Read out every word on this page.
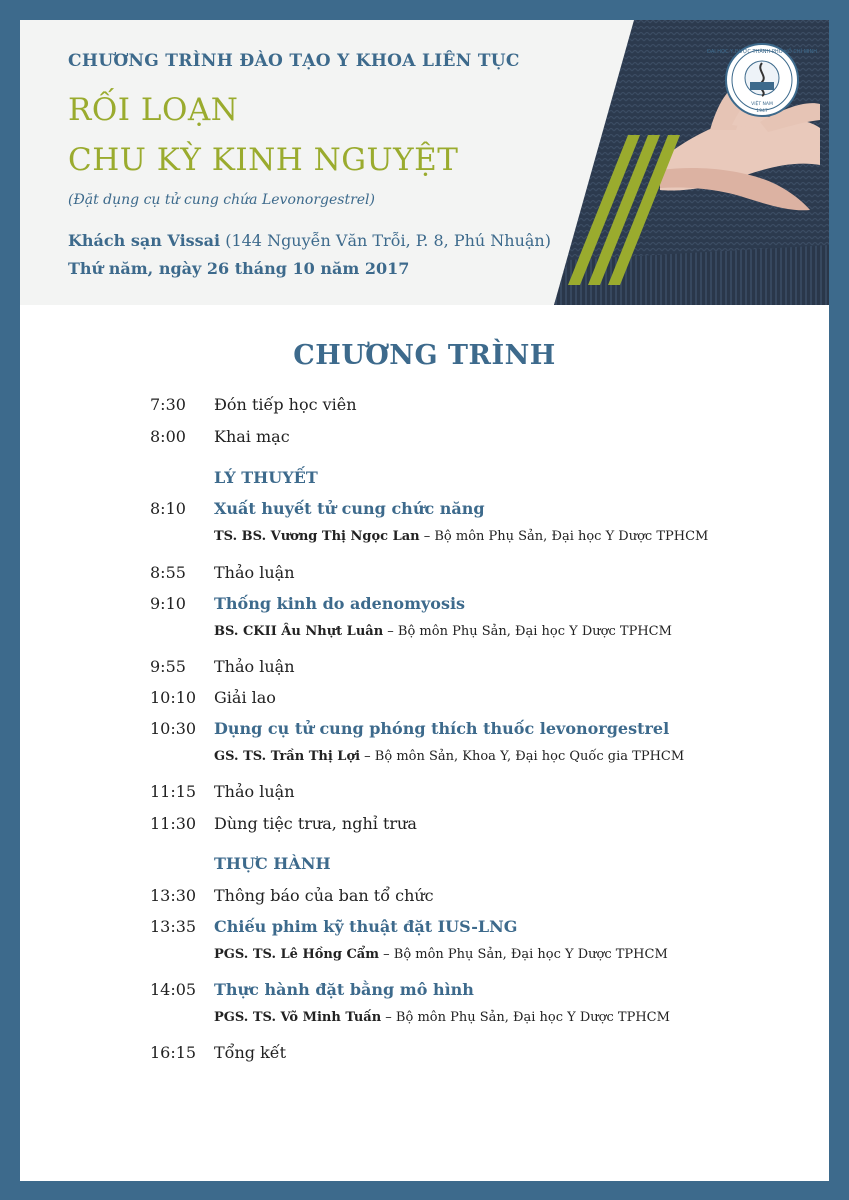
ĐẠI HỌC Y DƯỢC THÀNH PHỐ HỒ CHÍ MINH
VIỆT NAM
1947
CHƯƠNG TRÌNH ĐÀO TẠO Y KHOA LIÊN TỤC
RỐI LOẠN
CHU KỲ KINH NGUYỆT
(Đặt dụng cụ tử cung chứa Levonorgestrel)
Khách sạn Vissai (144 Nguyễn Văn Trỗi, P. 8, Phú Nhuận)
Thứ năm, ngày 26 tháng 10 năm 2017
CHƯƠNG TRÌNH
7:30 Đón tiếp học viên
8:00 Khai mạc
LÝ THUYẾT
8:10 Xuất huyết tử cung chức năng
TS. BS. Vương Thị Ngọc Lan – Bộ môn Phụ Sản, Đại học Y Dược TPHCM
8:55 Thảo luận
9:10 Thống kinh do adenomyosis
BS. CKII Âu Nhựt Luân – Bộ môn Phụ Sản, Đại học Y Dược TPHCM
9:55 Thảo luận
10:10 Giải lao
10:30 Dụng cụ tử cung phóng thích thuốc levonorgestrel
GS. TS. Trần Thị Lợi – Bộ môn Sản, Khoa Y, Đại học Quốc gia TPHCM
11:15 Thảo luận
11:30 Dùng tiệc trưa, nghỉ trưa
THỰC HÀNH
13:30 Thông báo của ban tổ chức
13:35 Chiếu phim kỹ thuật đặt IUS-LNG
PGS. TS. Lê Hồng Cẩm – Bộ môn Phụ Sản, Đại học Y Dược TPHCM
14:05 Thực hành đặt bằng mô hình
PGS. TS. Võ Minh Tuấn – Bộ môn Phụ Sản, Đại học Y Dược TPHCM
16:15 Tổng kết
